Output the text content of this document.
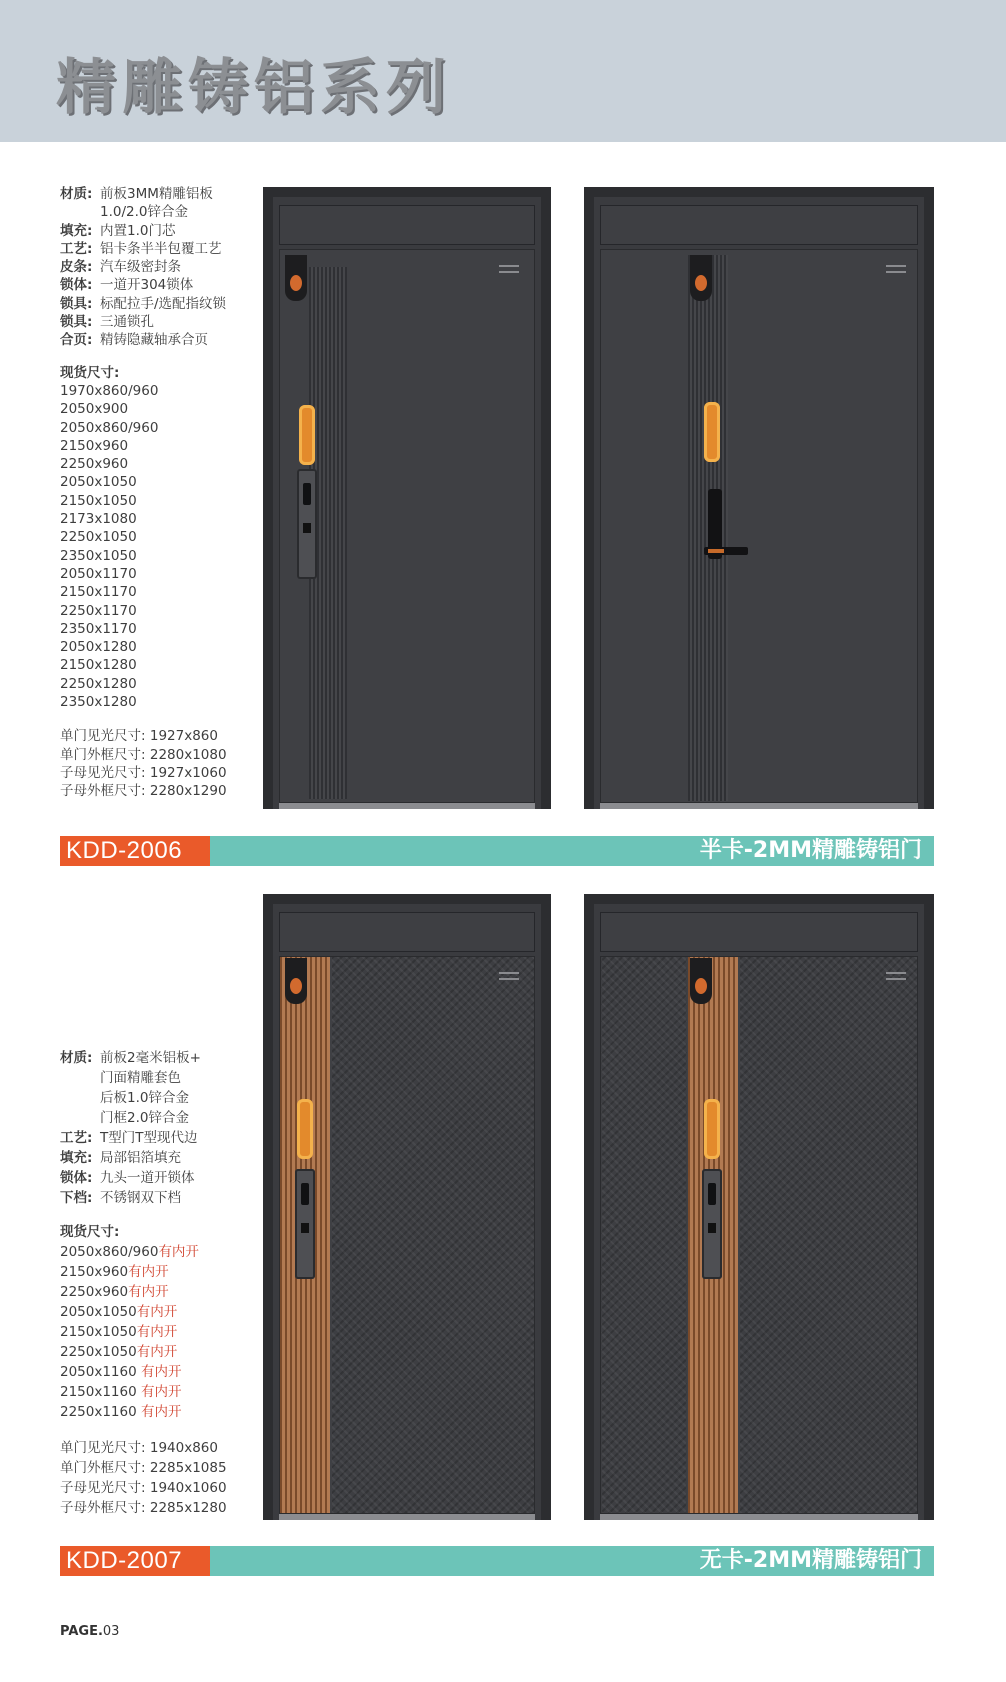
精雕铸铝系列
材质: 前板3MM精雕铝板
1.0/2.0锌合金
填充: 内置1.0门芯
工艺: 铝卡条半半包覆工艺
皮条: 汽车级密封条
锁体: 一道开304锁体
锁具: 标配拉手/选配指纹锁
锁具: 三通锁孔
合页: 精铸隐藏轴承合页
现货尺寸:
1970x860/960
2050x900
2050x860/960
2150x960
2250x960
2050x1050
2150x1050
2173x1080
2250x1050
2350x1050
2050x1170
2150x1170
2250x1170
2350x1170
2050x1280
2150x1280
2250x1280
2350x1280
单门见光尺寸: 1927x860
单门外框尺寸: 2280x1080
子母见光尺寸: 1927x1060
子母外框尺寸: 2280x1290
KDD-2006	半卡-2MM精雕铸铝门
材质: 前板2毫米铝板+
门面精雕套色
后板1.0锌合金
门框2.0锌合金
工艺: T型门T型现代边
填充: 局部铝箔填充
锁体: 九头一道开锁体
下档: 不锈钢双下档
现货尺寸:
2050x860/960有内开
2150x960有内开
2250x960有内开
2050x1050有内开
2150x1050有内开
2250x1050有内开
2050x1160 有内开
2150x1160 有内开
2250x1160 有内开
单门见光尺寸: 1940x860
单门外框尺寸: 2285x1085
子母见光尺寸: 1940x1060
子母外框尺寸: 2285x1280
KDD-2007	无卡-2MM精雕铸铝门
PAGE.03
